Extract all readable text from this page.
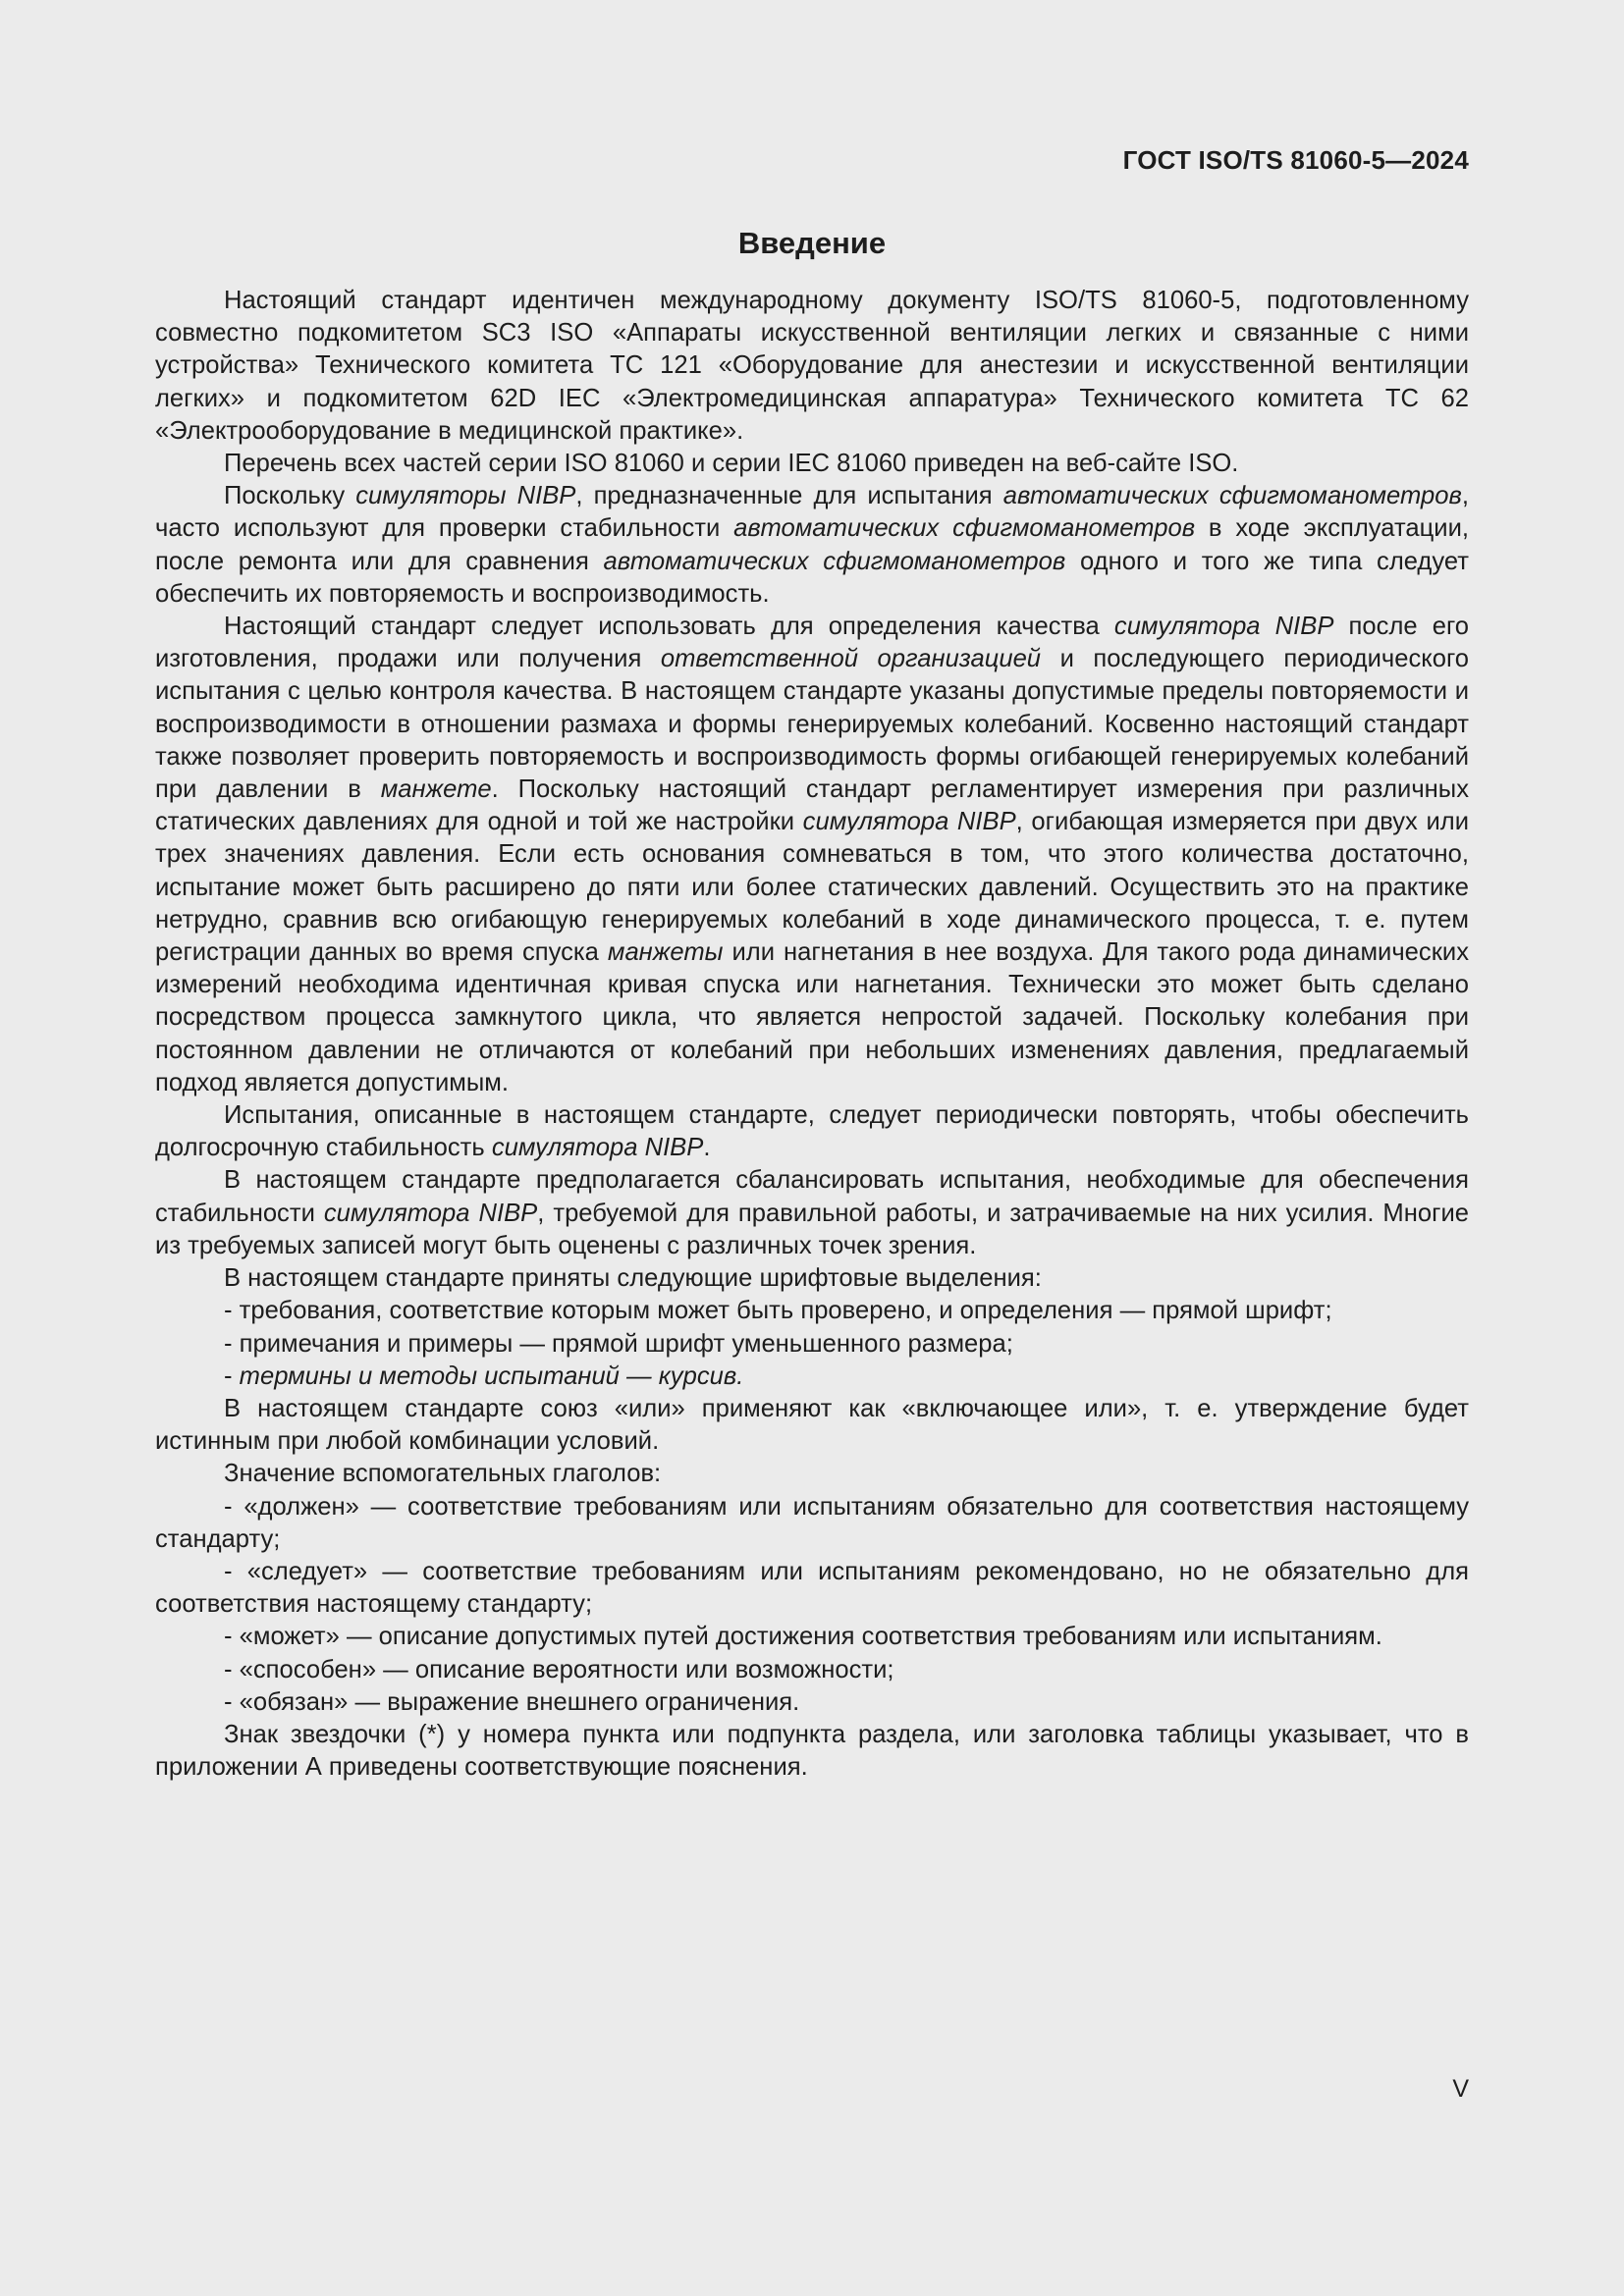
ГОСТ ISO/TS 81060-5—2024
Введение

Настоящий стандарт идентичен международному документу ISO/TS 81060-5, подготовленному совместно подкомитетом SC3 ISO «Аппараты искусственной вентиляции легких и связанные с ними устройства» Технического комитета ТС 121 «Оборудование для анестезии и искусственной вентиляции легких» и подкомитетом 62D IEC «Электромедицинская аппаратура» Технического комитета ТС 62 «Электрооборудование в медицинской практике».

Перечень всех частей серии ISO 81060 и серии IEC 81060 приведен на веб-сайте ISO.

Поскольку симуляторы NIBP, предназначенные для испытания автоматических сфигмоманометров, часто используют для проверки стабильности автоматических сфигмоманометров в ходе эксплуатации, после ремонта или для сравнения автоматических сфигмоманометров одного и того же типа следует обеспечить их повторяемость и воспроизводимость.

Настоящий стандарт следует использовать для определения качества симулятора NIBP после его изготовления, продажи или получения ответственной организацией и последующего периодического испытания с целью контроля качества. В настоящем стандарте указаны допустимые пределы повторяемости и воспроизводимости в отношении размаха и формы генерируемых колебаний. Косвенно настоящий стандарт также позволяет проверить повторяемость и воспроизводимость формы огибающей генерируемых колебаний при давлении в манжете. Поскольку настоящий стандарт регламентирует измерения при различных статических давлениях для одной и той же настройки симулятора NIBP, огибающая измеряется при двух или трех значениях давления. Если есть основания сомневаться в том, что этого количества достаточно, испытание может быть расширено до пяти или более статических давлений. Осуществить это на практике нетрудно, сравнив всю огибающую генерируемых колебаний в ходе динамического процесса, т. е. путем регистрации данных во время спуска манжеты или нагнетания в нее воздуха. Для такого рода динамических измерений необходима идентичная кривая спуска или нагнетания. Технически это может быть сделано посредством процесса замкнутого цикла, что является непростой задачей. Поскольку колебания при постоянном давлении не отличаются от колебаний при небольших изменениях давления, предлагаемый подход является допустимым.

Испытания, описанные в настоящем стандарте, следует периодически повторять, чтобы обеспечить долгосрочную стабильность симулятора NIBP.

В настоящем стандарте предполагается сбалансировать испытания, необходимые для обеспечения стабильности симулятора NIBP, требуемой для правильной работы, и затрачиваемые на них усилия. Многие из требуемых записей могут быть оценены с различных точек зрения.

В настоящем стандарте приняты следующие шрифтовые выделения:

- требования, соответствие которым может быть проверено, и определения — прямой шрифт;

- примечания и примеры — прямой шрифт уменьшенного размера;

- термины и методы испытаний — курсив.

В настоящем стандарте союз «или» применяют как «включающее или», т. е. утверждение будет истинным при любой комбинации условий.

Значение вспомогательных глаголов:

- «должен» — соответствие требованиям или испытаниям обязательно для соответствия настоящему стандарту;

- «следует» — соответствие требованиям или испытаниям рекомендовано, но не обязательно для соответствия настоящему стандарту;

- «может» — описание допустимых путей достижения соответствия требованиям или испытаниям.

- «способен» — описание вероятности или возможности;

- «обязан» — выражение внешнего ограничения.

Знак звездочки (*) у номера пункта или подпункта раздела, или заголовка таблицы указывает, что в приложении А приведены соответствующие пояснения.

V
